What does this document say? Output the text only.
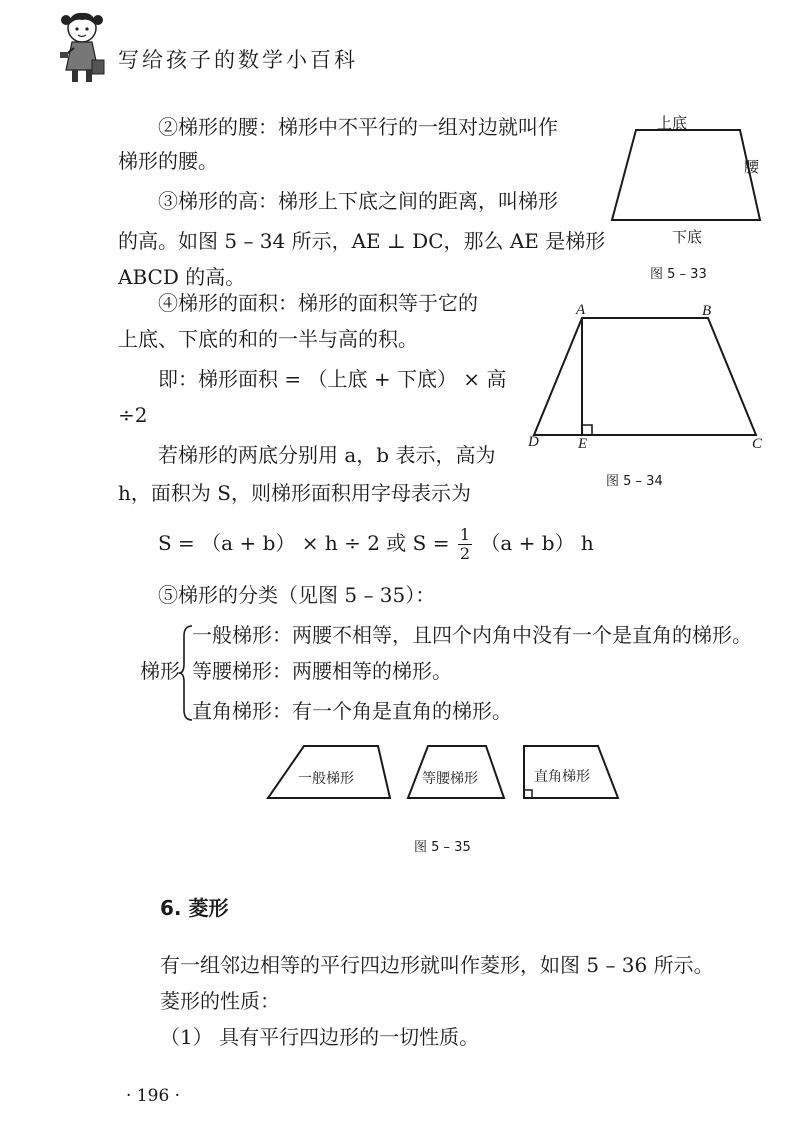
写给孩子的数学小百科
②梯形的腰：梯形中不平行的一组对边就叫作
梯形的腰。
③梯形的高：梯形上下底之间的距离，叫梯形
的高。如图 5 – 34 所示，AE ⊥ DC，那么 AE 是梯形
ABCD 的高。
④梯形的面积：梯形的面积等于它的
上底、下底的和的一半与高的积。
即：梯形面积 = （上底 + 下底） × 高
÷2
若梯形的两底分别用 a，b 表示，高为
h，面积为 S，则梯形面积用字母表示为
S = （a + b） × h ÷ 2 或 $S = \frac{1}{2} (a + b)$ h
⑤梯形的分类（见图 5 – 35）：
梯形
一般梯形：两腰不相等，且四个内角中没有一个是直角的梯形。
等腰梯形：两腰相等的梯形。
直角梯形：有一个角是直角的梯形。
上底
腰
下底
图 5 – 33
A	B
C
D	E
图 5 – 34
一般梯形	等腰梯形	直角梯形
图 5 – 35
6. 菱形
有一组邻边相等的平行四边形就叫作菱形，如图 5 – 36 所示。
菱形的性质：
（1） 具有平行四边形的一切性质。
· 196 ·
